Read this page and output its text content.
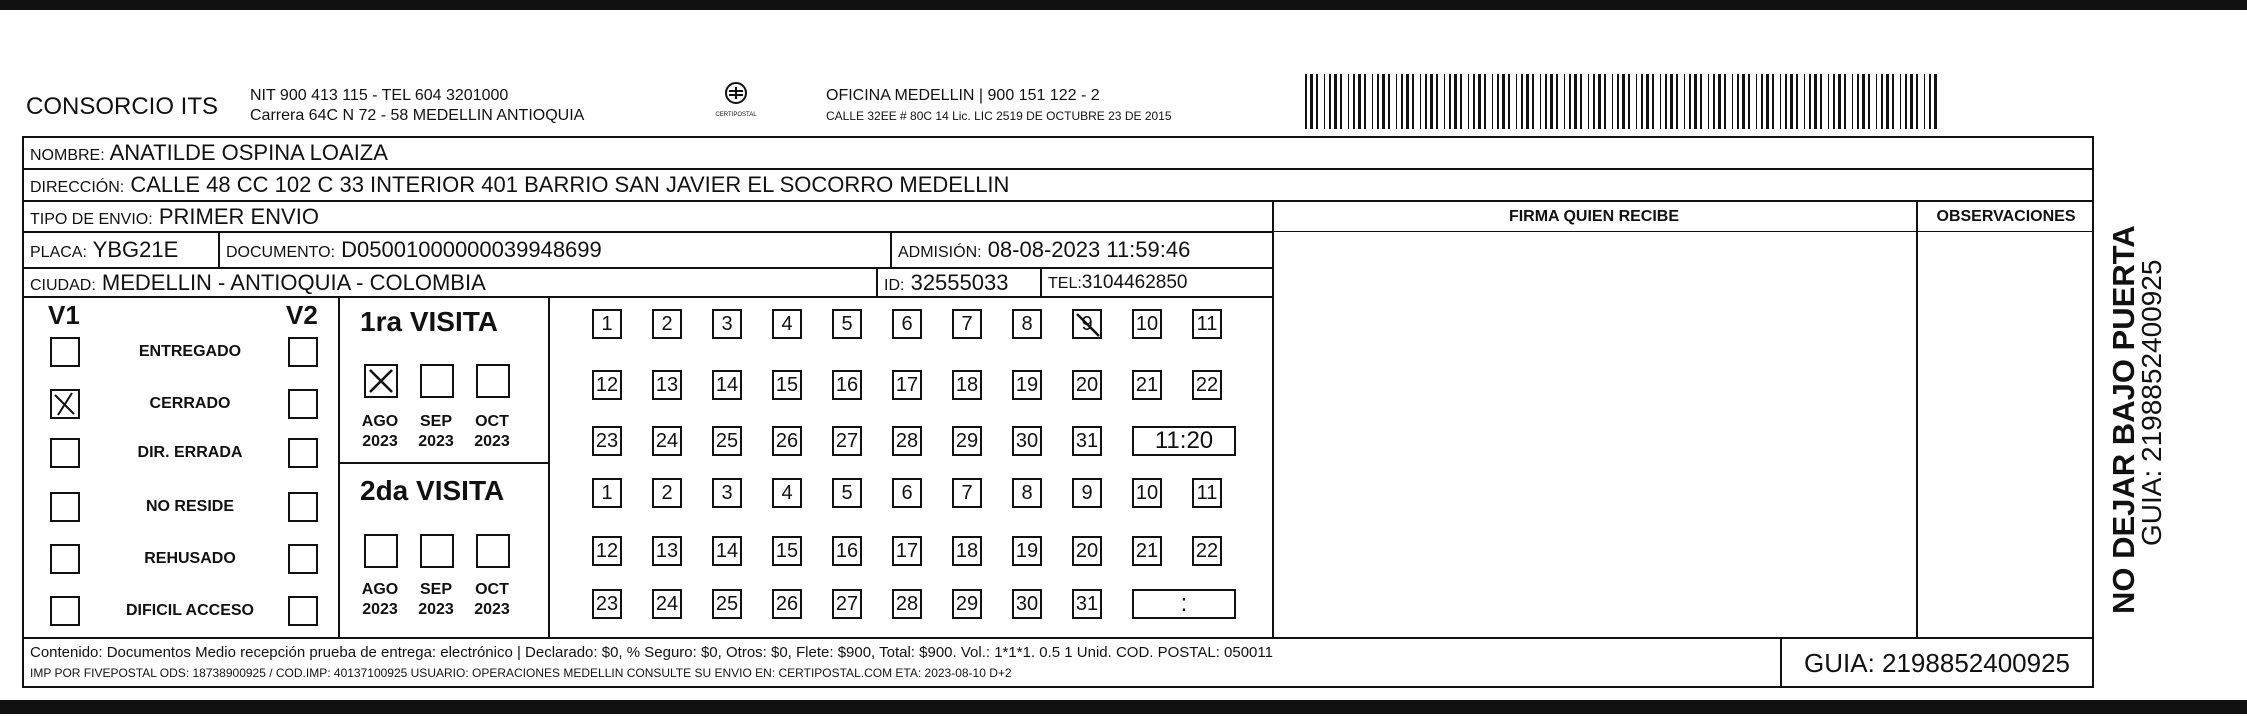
CONSORCIO ITS NIT 900 413 115 - TEL 604 3201000
Carrera 64C N 72 - 58 MEDELLIN ANTIOQUIA	CERTIPOSTAL
OFICINA MEDELLIN | 900 151 122 - 2
CALLE 32EE # 80C 14 Lic. LIC 2519 DE OCTUBRE 23 DE 2015
NOMBRE: ANATILDE OSPINA LOAIZA
DIRECCIÓN: CALLE 48 CC 102 C 33 INTERIOR 401 BARRIO SAN JAVIER EL SOCORRO MEDELLIN
TIPO DE ENVIO: PRIMER ENVIO	FIRMA QUIEN RECIBE	OBSERVACIONES
PLACA: YBG21E	DOCUMENTO: D05001000000039948699	ADMISIÓN: 08-08-2023 11:59:46
CIUDAD: MEDELLIN - ANTIOQUIA - COLOMBIA	ID: 32555033 TEL:3104462850
V1	V2
ENTREGADO
CERRADO
DIR. ERRADA
NO RESIDE
REHUSADO
DIFICIL ACCESO
1ra VISITA
2da VISITA
AGO
2023
SEP
2023
OCT
2023
AGO
2023
SEP
2023
OCT
2023
1 2 3 4 5 6 7 8 9 10 11
12 13 14 15 16 17 18 19 20 21 22
23 24 25 26 27 28 29 30 31	11:20
1 2 3 4 5 6 7 8 9 10 11
12 13 14 15 16 17 18 19 20 21 22
23 24 25 26 27 28 29 30 31	:
Contenido: Documentos Medio recepción prueba de entrega: electrónico | Declarado: $0, % Seguro: $0, Otros: $0, Flete: $900, Total: $900. Vol.: 1*1*1. 0.5 1 Unid. COD. POSTAL: 050011
IMP POR FIVEPOSTAL ODS: 18738900925 / COD.IMP: 40137100925 USUARIO: OPERACIONES MEDELLIN CONSULTE SU ENVIO EN: CERTIPOSTAL.COM ETA: 2023-08-10 D+2	GUIA: 2198852400925
NO DEJAR BAJO PUERTA
GUIA: 2198852400925
